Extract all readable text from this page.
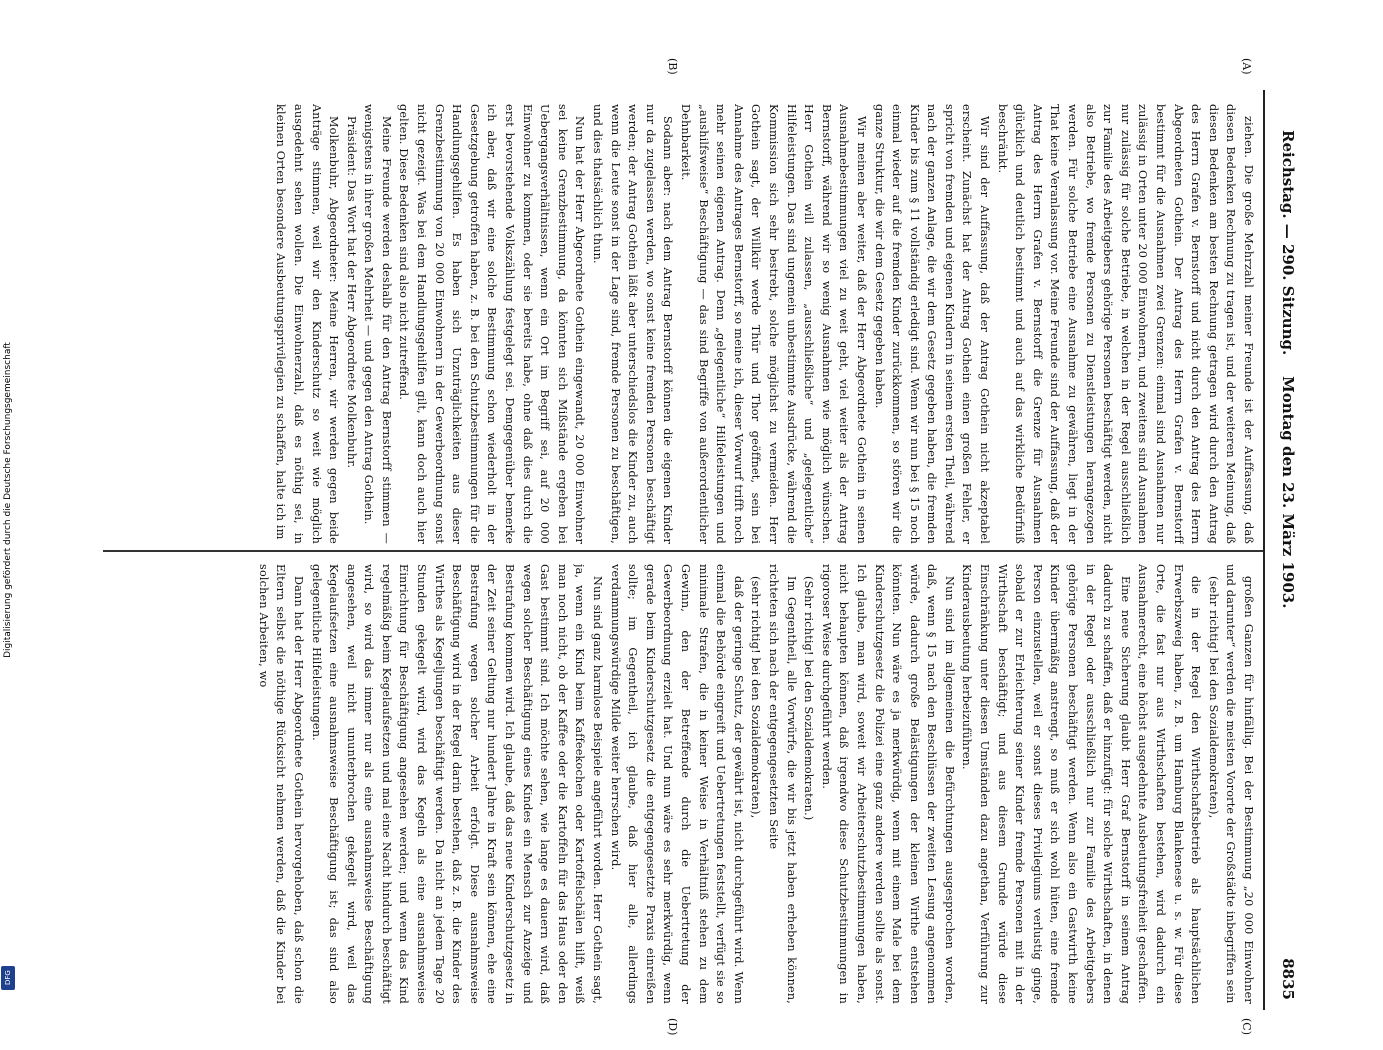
Digitalisierung gefördert durch die Deutsche Forschungsgemeinschaft
DFG
Reichstag. — 290. Sitzung.    Montag den 23. März 1903.
8835
(A)
(B)
(C)
(D)

ziehen. Die große Mehrzahl meiner Freunde ist der Auffassung, daß diesen Bedenken Rechnung zu tragen ist, und der weiteren Meinung, daß diesen Bedenken am besten Rechnung getragen wird durch den Antrag des Herrn Grafen v. Bernstorff und nicht durch den Antrag des Herrn Abgeordneten Gothein. Der Antrag des Herrn Grafen v. Bernstorff bestimmt für die Ausnahmen zwei Grenzen: einmal sind Ausnahmen nur zulässig in Orten unter 20 000 Einwohnern, und zweitens sind Ausnahmen nur zulässig für solche Betriebe, in welchen in der Regel ausschließlich zur Familie des Arbeitgebers gehörige Personen beschäftigt werden, nicht also Betriebe, wo fremde Personen zu Dienstleistungen herangezogen werden. Für solche Betriebe eine Ausnahme zu gewähren, liegt in der That keine Veranlassung vor. Meine Freunde sind der Auffassung, daß der Antrag des Herrn Grafen v. Bernstorff die Grenze für Ausnahmen glücklich und deutlich bestimmt und auch auf das wirkliche Bedürfniß beschränkt.

Wir sind der Auffassung, daß der Antrag Gothein nicht akzeptabel erscheint. Zunächst hat der Antrag Gothein einen großen Fehler, er spricht von fremden und eigenen Kindern in seinem ersten Theil, während nach der ganzen Anlage, die wir dem Gesetz gegeben haben, die fremden Kinder bis zum § 11 vollständig erledigt sind. Wenn wir nun bei § 15 noch einmal wieder auf die fremden Kinder zurückkommen, so stören wir die ganze Struktur, die wir dem Gesetz gegeben haben.

Wir meinen aber weiter, daß der Herr Abgeordnete Gothein in seinen Ausnahmebestimmungen viel zu weit geht, viel weiter als der Antrag Bernstorff, während wir so wenig Ausnahmen wie möglich wünschen. Herr Gothein will zulassen, „ausschließliche“ und „gelegentliche“ Hilfeleistungen. Das sind ungemein unbestimmte Ausdrücke, während die Kommission sich sehr bestrebt, solche möglichst zu vermeiden. Herr Gothein sagt, der Willkür werde Thür und Thor geöffnet, sein bei Annahme des Antrages Bernstorff, so meine ich, dieser Vorwurf trifft noch mehr seinen eigenen Antrag. Denn „gelegentliche“ Hilfeleistungen und „aushilfsweise“ Beschäftigung — das sind Begriffe von außerordentlicher Dehnbarkeit.

Sodann aber: nach dem Antrag Bernstorff können die eigenen Kinder nur da zugelassen werden, wo sonst keine fremden Personen beschäftigt werden; der Antrag Gothein läßt aber unterschiedslos die Kinder zu, auch wenn die Leute sonst in der Lage sind, fremde Personen zu beschäftigen, und dies thatsächlich thun.

Nun hat der Herr Abgeordnete Gothein eingewandt, 20 000 Einwohner sei keine Grenzbestimmung, da könnten sich Mißstände ergeben bei Uebergangsverhältnissen, wenn ein Ort im Begriff sei, auf 20 000 Einwohner zu kommen, oder sie bereits habe, ohne daß dies durch die erst bevorstehende Volkszählung festgelegt sei. Demgegenüber bemerke ich aber, daß wir eine solche Bestimmung schon wiederholt in der Gesetzgebung getroffen haben, z. B. bei den Schutzbestimmungen für die Handlungsgehilfen. Es haben sich Unzuträglichkeiten aus dieser Grenzbestimmung von 20 000 Einwohnern in der Gewerbeordnung sonst nicht gezeigt. Was bei dem Handlungsgehilfen gilt, kann doch auch hier gelten. Diese Bedenken sind also nicht zutreffend.

Meine Freunde werden deshalb für den Antrag Bernstorff stimmen — wenigstens in ihrer großen Mehrheit — und gegen den Antrag Gothein.

Präsident: Das Wort hat der Herr Abgeordnete Molkenbuhr.

Molkenbuhr, Abgeordneter: Meine Herren, wir werden gegen beide Anträge stimmen, weil wir den Kinderschutz so weit wie möglich ausgedehnt sehen wollen. Die Einwohnerzahl, daß es nöthig sei, in kleinen Orten besondere Ausbeutungsprivilegien zu schaffen, halte ich im

großen Ganzen für hinfällig. Bei der Bestimmung „20 000 Einwohner und darunter“ werden die meisten Vororte der Großstädte inbegriffen sein

(sehr richtig! bei den Sozialdemokraten),

die in der Regel den Wirthschaftsbetrieb als hauptsächlichen Erwerbszweig haben, z. B. um Hamburg Blankenese u. s. w. Für diese Orte, die fast nur aus Wirthschaften bestehen, wird dadurch ein Ausnahmerecht, eine höchst ausgedehnte Ausbeutungsfreiheit geschaffen.

Eine neue Sicherung glaubt Herr Graf Bernstorff in seinem Antrag dadurch zu schaffen, daß er hinzufügt: für solche Wirthschaften, in denen in der Regel oder ausschließlich nur zur Familie des Arbeitgebers gehörige Personen beschäftigt werden. Wenn also ein Gastwirth keine Kinder übermäßig anstrengt, so muß er sich wohl hüten, eine fremde Person einzustellen, weil er sonst dieses Privilegiums verlustig ginge, sobald er zur Erleichterung seiner Kinder fremde Personen mit in der Wirthschaft beschäftigt; und aus diesem Grunde würde diese Einschränkung unter diesen Umständen dazu angethan, Verführung zur Kinderausbeutung herbeizuführen.

Nun sind im allgemeinen die Befürchtungen ausgesprochen worden, daß, wenn § 15 nach den Beschlüssen der zweiten Lesung angenommen würde, dadurch große Belästigungen der kleinen Wirthe entstehen könnten. Nun wäre es ja merkwürdig, wenn mit einem Male bei dem Kinderschutzgesetz die Polizei eine ganz andere werden sollte als sonst. Ich glaube, man wird, soweit wir Arbeiterschutzbestimmungen haben, nicht behaupten können, daß irgendwo diese Schutzbestimmungen in rigoroser Weise durchgeführt werden.

(Sehr richtig! bei den Sozialdemokraten.)

Im Gegentheil, alle Vorwürfe, die wir bis jetzt haben erheben können, richteten sich nach der entgegengesetzten Seite

(sehr richtig! bei den Sozialdemokraten),

daß der geringe Schutz, der gewährt ist, nicht durchgeführt wird. Wenn einmal die Behörde eingreift und Uebertretungen feststellt, verfügt sie so minimale Strafen, die in keiner Weise in Verhältniß stehen zu dem Gewinn, den der Betreffende durch die Uebertretung der Gewerbeordnung erzielt hat. Und nun wäre es sehr merkwürdig, wenn gerade beim Kinderschutzgesetz die entgegengesetzte Praxis einreißen sollte; im Gegentheil, ich glaube, daß hier alle, allerdings verdammungswürdige Milde weiter herrschen wird.

Nun sind ganz harmlose Beispiele angeführt worden. Herr Gothein sagt, ja, wenn ein Kind beim Kaffeekochen oder Kartoffelschälen hilft, weiß man noch nicht, ob der Kaffee oder die Kartoffeln für das Haus oder den Gast bestimmt sind. Ich möchte sehen, wie lange es dauern wird, daß wegen solcher Beschäftigung eines Kindes ein Mensch zur Anzeige und Bestrafung kommen wird. Ich glaube, daß das neue Kinderschutzgesetz in der Zeit seiner Geltung nur hundert Jahre in Kraft sein können, ehe eine Bestrafung wegen solcher Arbeit erfolgt. Diese ausnahmsweise Beschäftigung wird in der Regel darin bestehen, daß z. B. die Kinder des Wirthes als Kegeljungen beschäftigt werden. Da nicht an jedem Tage 20 Stunden gekegelt wird, wird das Kegeln als eine ausnahmsweise Einrichtung für Beschäftigung angesehen werden; und wenn das Kind regelmäßig beim Kegelaufsetzen und mal eine Nacht hindurch beschäftigt wird, so wird das immer nur als eine ausnahmsweise Beschäftigung angesehen, weil nicht ununterbrochen gekegelt wird, weil das Kegelaufsetzen eine ausnahmsweise Beschäftigung ist; das sind also gelegentliche Hilfeleistungen.

Dann hat der Herr Abgeordnete Gothein hervorgehoben, daß schon die Eltern selbst die nöthige Rücksicht nehmen werden, daß die Kinder bei solchen Arbeiten, wo
